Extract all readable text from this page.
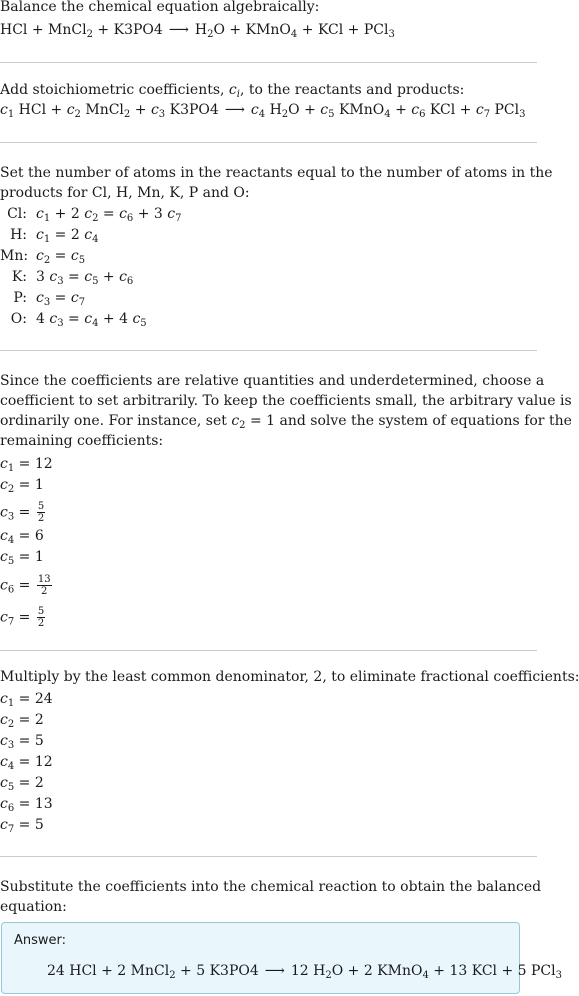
Balance the chemical equation algebraically:
HCl + MnCl$_2$ + K3PO4 ⟶ $H_2O$ + KMnO$_4$ + KCl + PCl$_3$
Add stoichiometric coefficients, $c_i$, to the reactants and products:
$c_1$ HCl + $c_2$ MnCl$_2$ + $c_3$ K3PO4 ⟶ $c_4$ $H_2O + c_5$ KMnO$_4$ + $c_6$ KCl + $c_7$ PCl$_3$
Set the number of atoms in the reactants equal to the number of atoms in the
products for Cl, H, Mn, K, P and O:
Cl: $c_1 + 2$ $c_2 = c_6 + 3$ $c_7$
H: $c_1 = 2$ $c_4$
Mn: $c_2 = c_5$
K: 3 $c_3 = c_5 + c_6$
P: $c_3 = c_7$
O: 4 $c_3 = c_4 + 4$ $c_5$
Since the coefficients are relative quantities and underdetermined, choose a
coefficient to set arbitrarily. To keep the coefficients small, the arbitrary value is
ordinarily one. For instance, set $c_2 = 1$ and solve the system of equations for the
remaining coefficients:
$c_1 = 12$
$c_2 = 1$
$c_3 = \frac{5}{2}$
$c_4 = 6$
$c_5 = 1$
$c_6 = \frac{13}{2}$
$c_7 = \frac{5}{2}$
Multiply by the least common denominator, 2, to eliminate fractional coefficients:
$c_1 = 24$
$c_2 = 2$
$c_3 = 5$
$c_4 = 12$
$c_5 = 2$
$c_6 = 13$
$c_7 = 5$
Substitute the coefficients into the chemical reaction to obtain the balanced
equation:
Answer:
24 HCl + 2 MnCl$_2$ + 5 K3PO4 ⟶ 12 $H_2O + 2$ KMnO$_4$ + 13 KCl + 5 PCl$_3$
